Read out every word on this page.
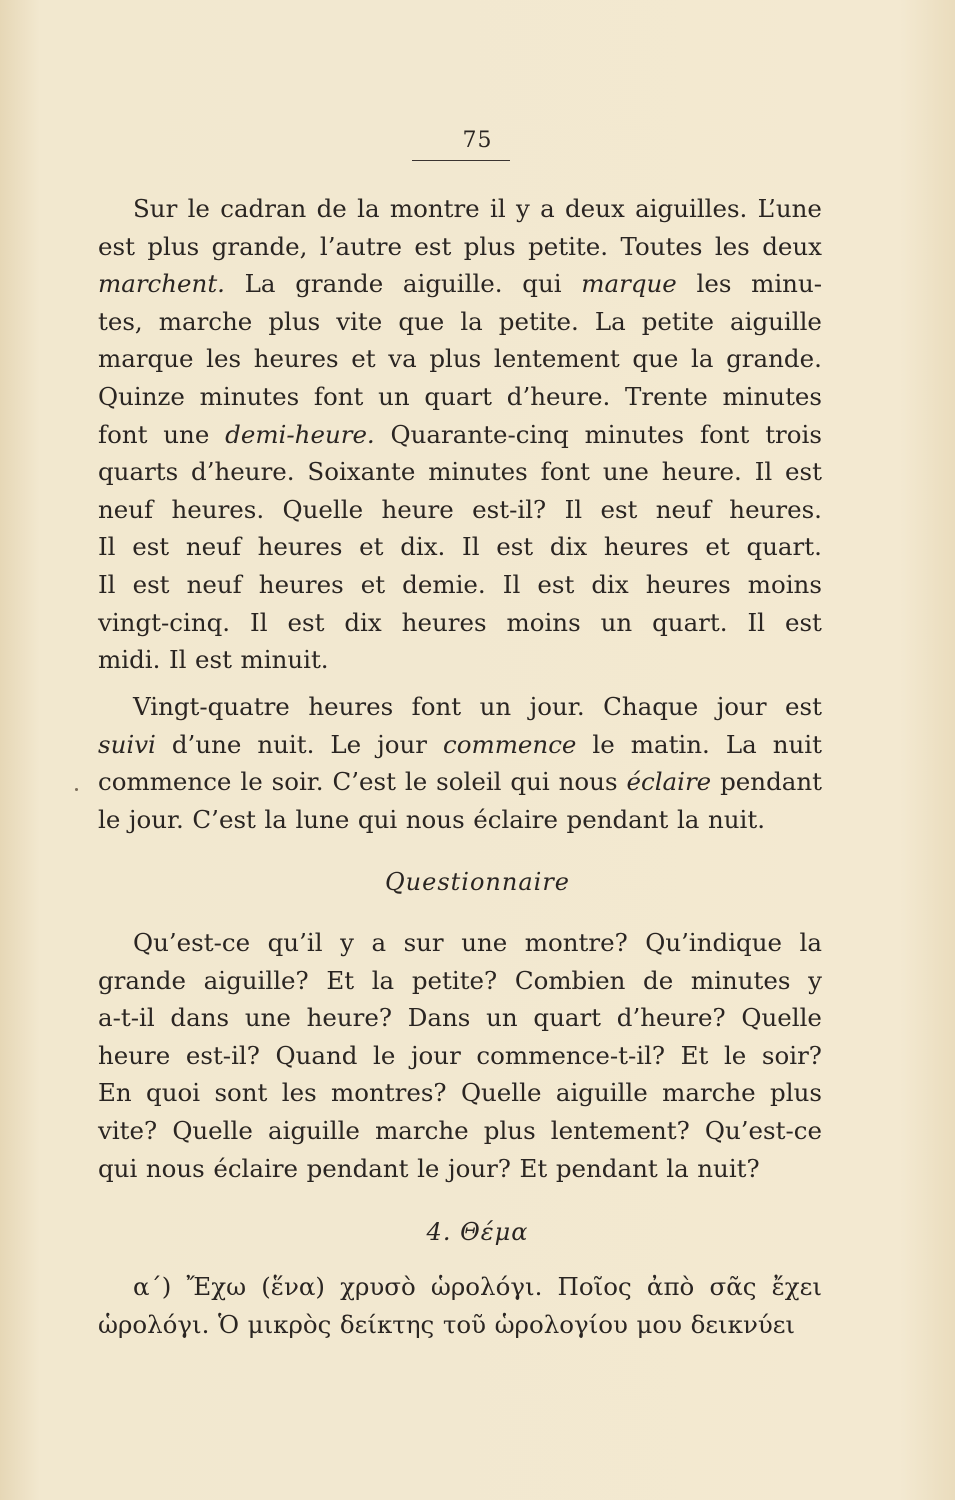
75
Sur le cadran de la montre il y a deux aiguilles. L’une
est plus grande, l’autre est plus petite. Toutes les deux
marchent. La grande aiguille. qui marque les minu-
tes, marche plus vite que la petite. La petite aiguille
marque les heures et va plus lentement que la grande.
Quinze minutes font un quart d’heure. Trente minutes
font une demi-heure. Quarante-cinq minutes font trois
quarts d’heure. Soixante minutes font une heure. Il est
neuf heures. Quelle heure est-il? Il est neuf heures.
Il est neuf heures et dix. Il est dix heures et quart.
Il est neuf heures et demie. Il est dix heures moins
vingt-cinq. Il est dix heures moins un quart. Il est
midi. Il est minuit.
Vingt-quatre heures font un jour. Chaque jour est
suivi d’une nuit. Le jour commence le matin. La nuit
commence le soir. C’est le soleil qui nous éclaire pendant
le jour. C’est la lune qui nous éclaire pendant la nuit.
Questionnaire
Qu’est-ce qu’il y a sur une montre? Qu’indique la
grande aiguille? Et la petite? Combien de minutes y
a-t-il dans une heure? Dans un quart d’heure? Quelle
heure est-il? Quand le jour commence-t-il? Et le soir?
En quoi sont les montres? Quelle aiguille marche plus
vite? Quelle aiguille marche plus lentement? Qu’est-ce
qui nous éclaire pendant le jour? Et pendant la nuit?
4. Θέμα
α΄) Ἔχω (ἕνα) χρυσὸ ὡρολόγι. Ποῖος ἀπὸ σᾶς ἔχει
ὡρολόγι. Ὁ μικρὸς δείκτης τοῦ ὡρολογίου μου δεικνύει
